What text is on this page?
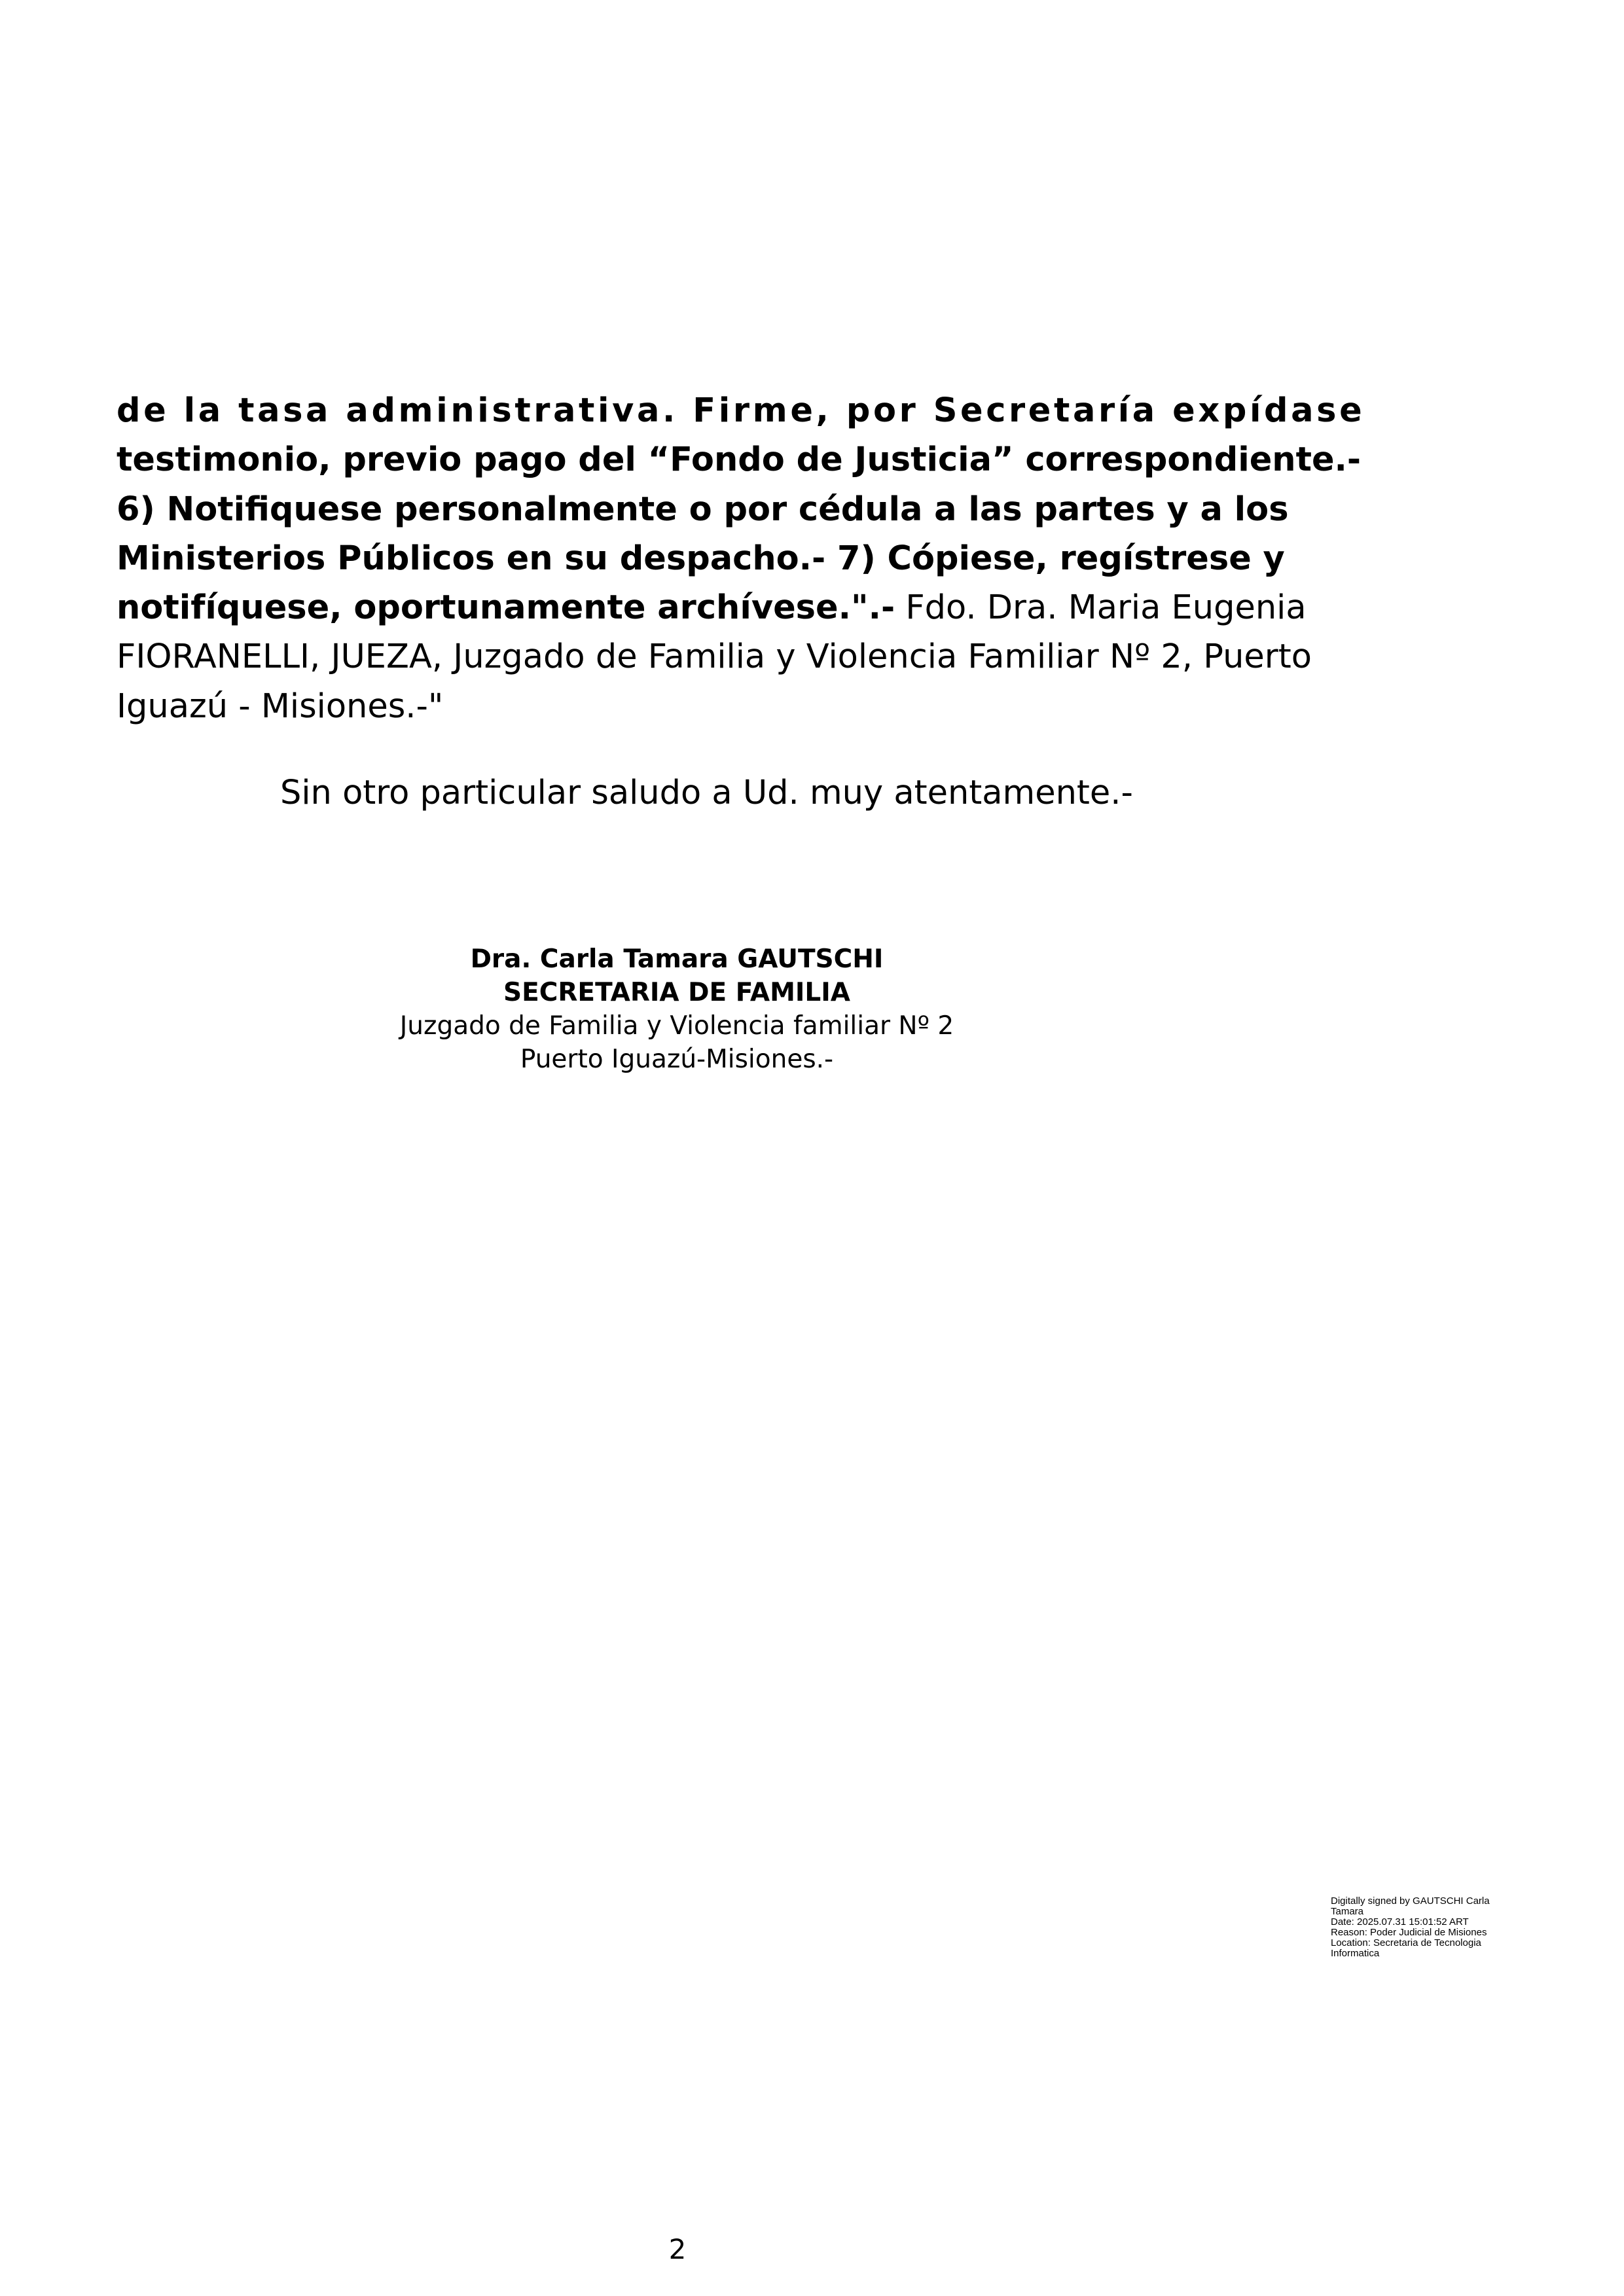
de la tasa administrativa. Firme, por Secretaría expídase
testimonio, previo pago del “Fondo de Justicia” correspondiente.-
6) Notifiquese personalmente o por cédula a las partes y a los
Ministerios Públicos en su despacho.- 7) Cópiese, regístrese y
notifíquese, oportunamente archívese.".- Fdo. Dra. Maria Eugenia
FIORANELLI, JUEZA, Juzgado de Familia y Violencia Familiar Nº 2, Puerto
Iguazú - Misiones.-"
Sin otro particular saludo a Ud. muy atentamente.-
Dra. Carla Tamara GAUTSCHI
SECRETARIA DE FAMILIA
Juzgado de Familia y Violencia familiar Nº 2
Puerto Iguazú-Misiones.-
Digitally signed by GAUTSCHI Carla
Tamara
Date: 2025.07.31 15:01:52 ART
Reason: Poder Judicial de Misiones
Location: Secretaria de Tecnologia
Informatica
2
